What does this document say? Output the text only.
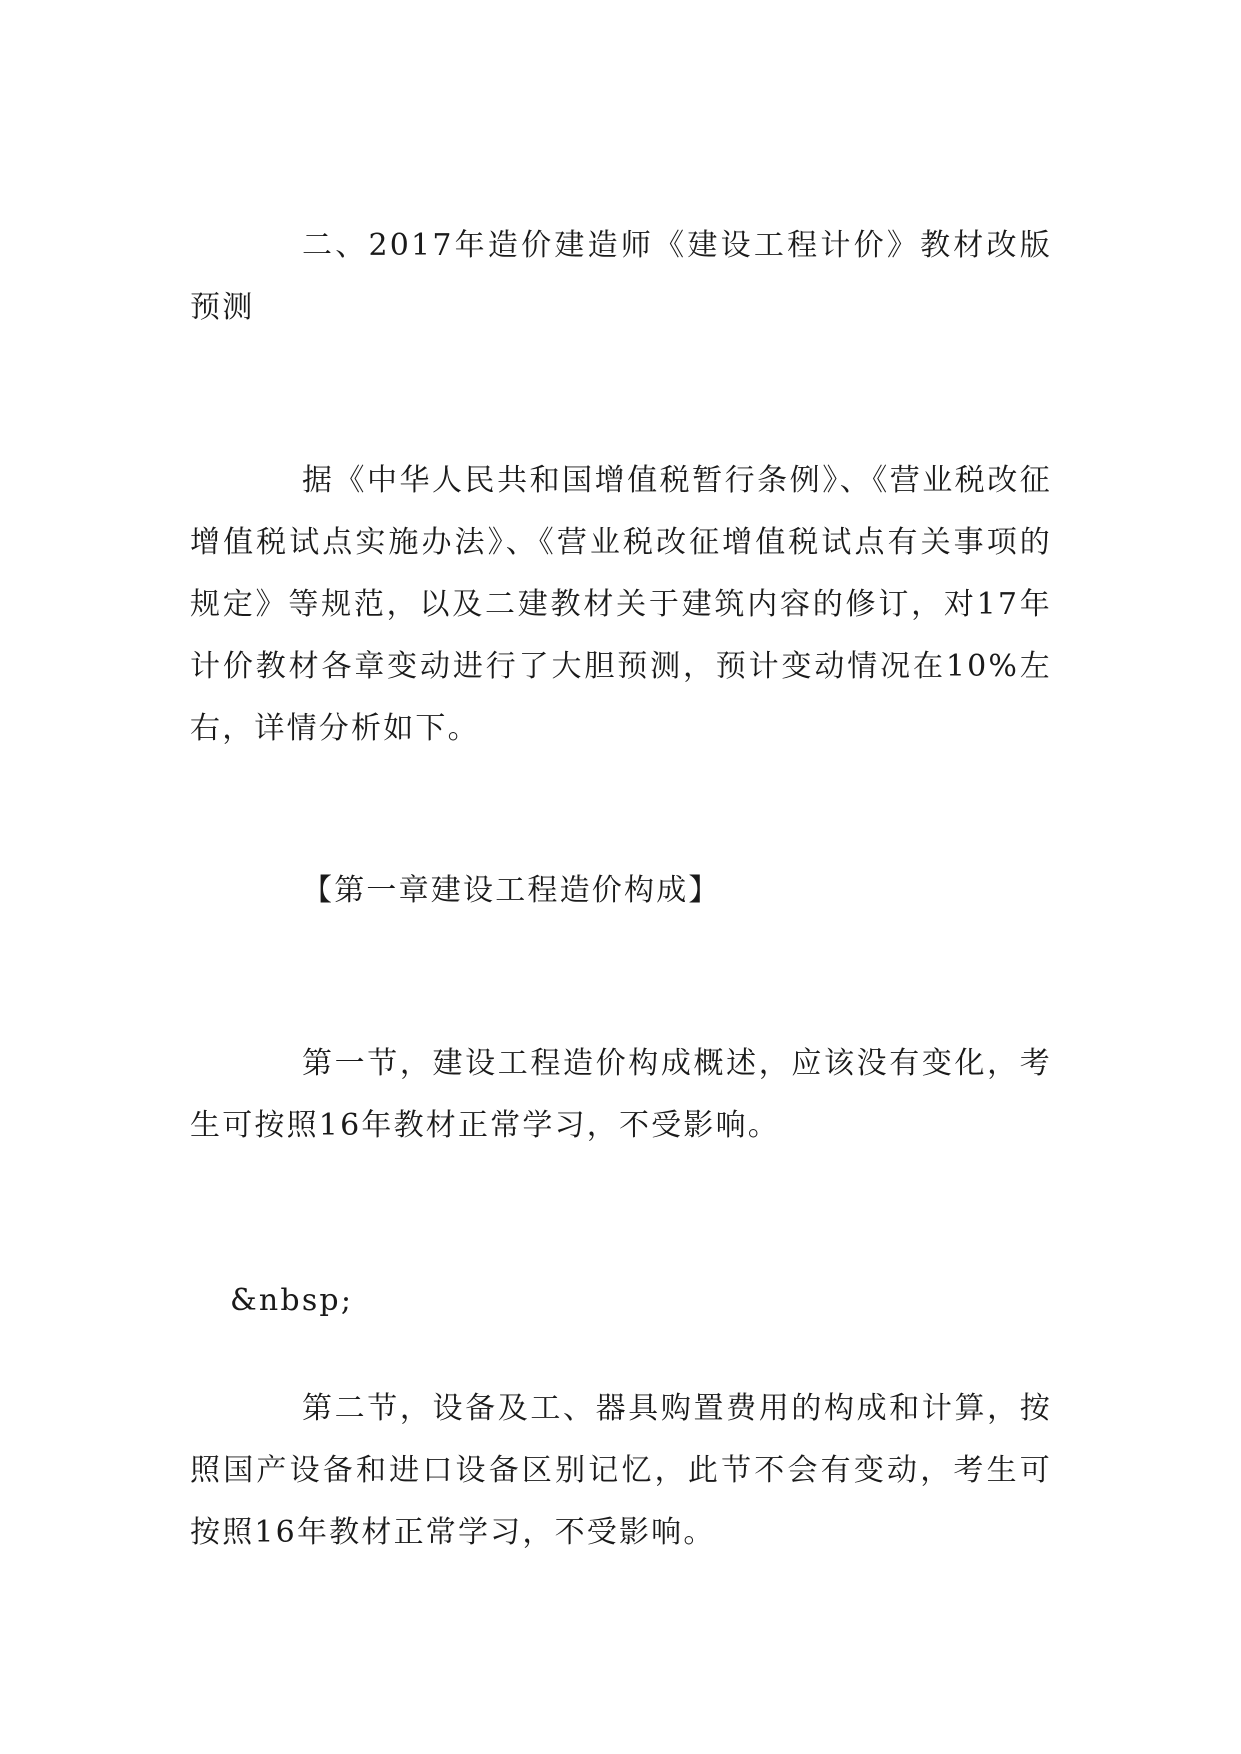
二、2017年造价建造师《建设工程计价》教材改版预测

据《中华人民共和国增值税暂行条例》、《营业税改征增值税试点实施办法》、《营业税改征增值税试点有关事项的规定》等规范，以及二建教材关于建筑内容的修订，对17年计价教材各章变动进行了大胆预测，预计变动情况在10%左右，详情分析如下。

【第一章建设工程造价构成】

第一节，建设工程造价构成概述，应该没有变化，考生可按照16年教材正常学习，不受影响。

&nbsp;

第二节，设备及工、器具购置费用的构成和计算，按照国产设备和进口设备区别记忆，此节不会有变动，考生可按照16年教材正常学习，不受影响。
